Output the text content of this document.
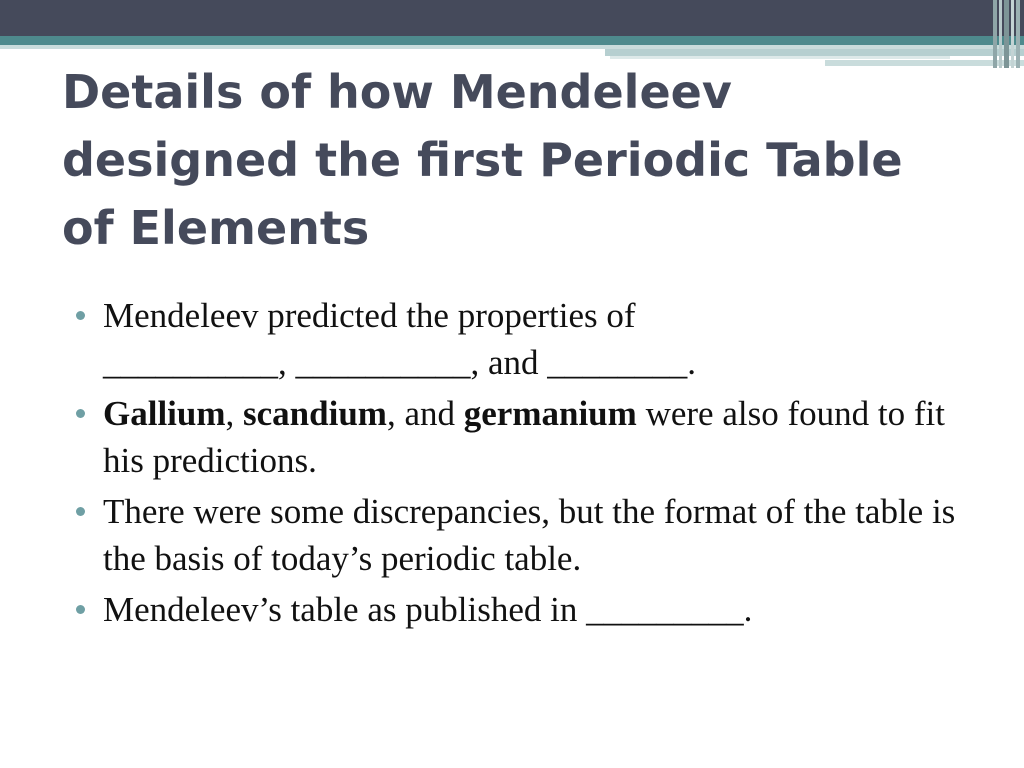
Details of how Mendeleev designed the first Periodic Table of Elements
Mendeleev predicted the properties of
__________, __________, and ________.
Gallium, scandium, and germanium were also found to fit his predictions.
There were some discrepancies, but the format of the table is the basis of today’s periodic table.
Mendeleev’s table as published in _________.
